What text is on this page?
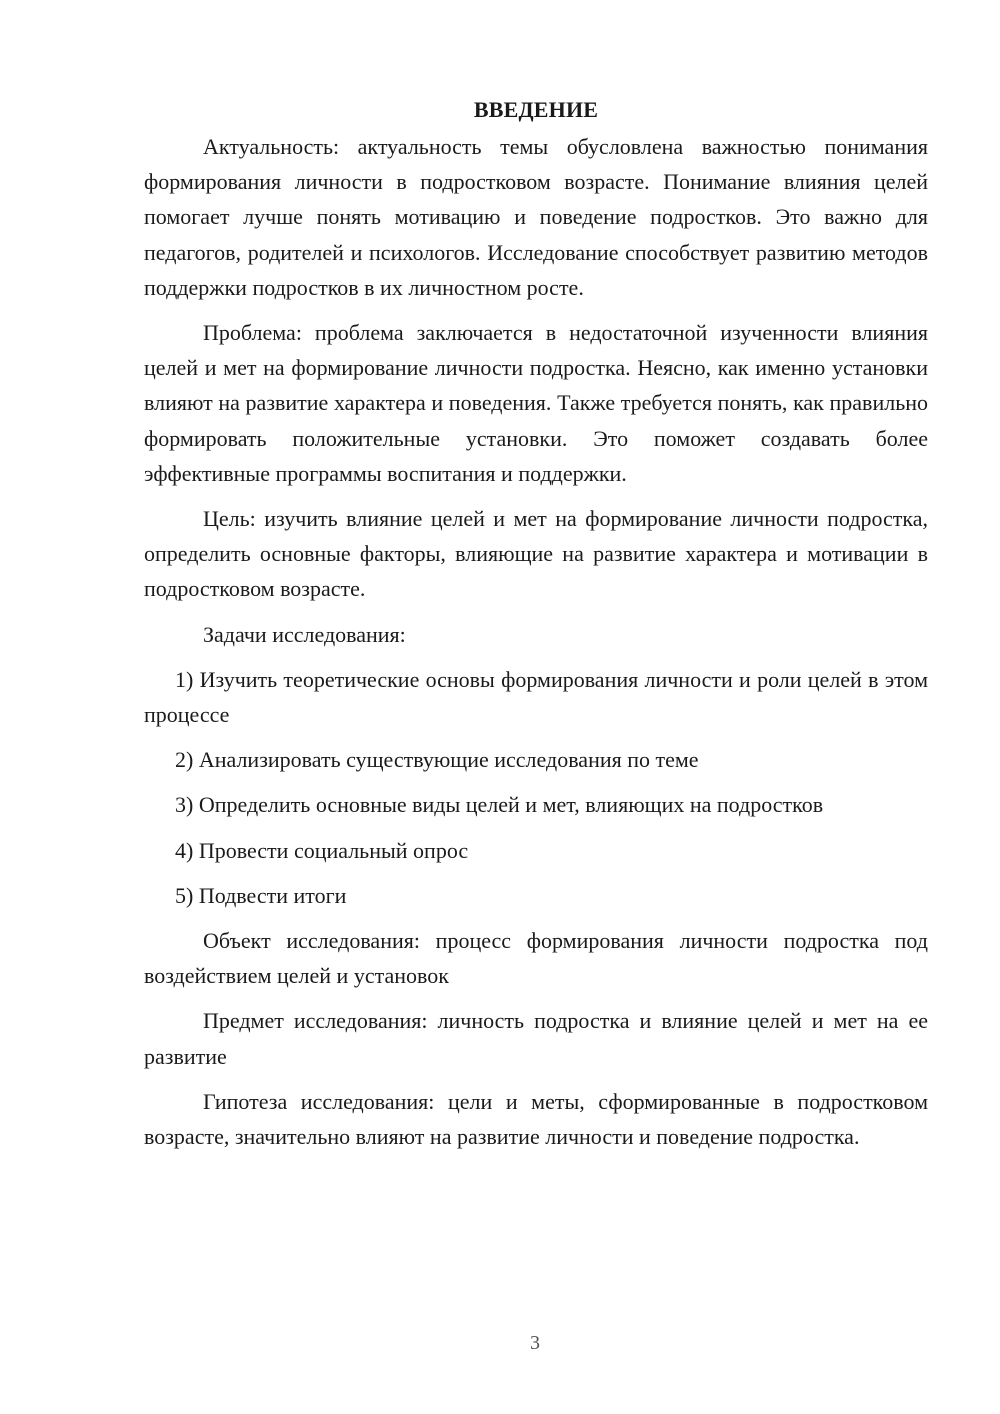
ВВЕДЕНИЕ

Актуальность: актуальность темы обусловлена важностью понимания формирования личности в подростковом возрасте. Понимание влияния целей помогает лучше понять мотивацию и поведение подростков. Это важно для педагогов, родителей и психологов. Исследование способствует развитию методов поддержки подростков в их личностном росте.

Проблема: проблема заключается в недостаточной изученности влияния целей и мет на формирование личности подростка. Неясно, как именно установки влияют на развитие характера и поведения. Также требуется понять, как правильно формировать положительные установки. Это поможет создавать более эффективные программы воспитания и поддержки.

Цель: изучить влияние целей и мет на формирование личности подростка, определить основные факторы, влияющие на развитие характера и мотивации в подростковом возрасте.

Задачи исследования:

1) Изучить теоретические основы формирования личности и роли целей в этом процессе

2) Анализировать существующие исследования по теме

3) Определить основные виды целей и мет, влияющих на подростков

4) Провести социальный опрос

5) Подвести итоги

Объект исследования: процесс формирования личности подростка под воздействием целей и установок

Предмет исследования: личность подростка и влияние целей и мет на ее развитие

Гипотеза исследования: цели и меты, сформированные в подростковом возрасте, значительно влияют на развитие личности и поведение подростка.

3
